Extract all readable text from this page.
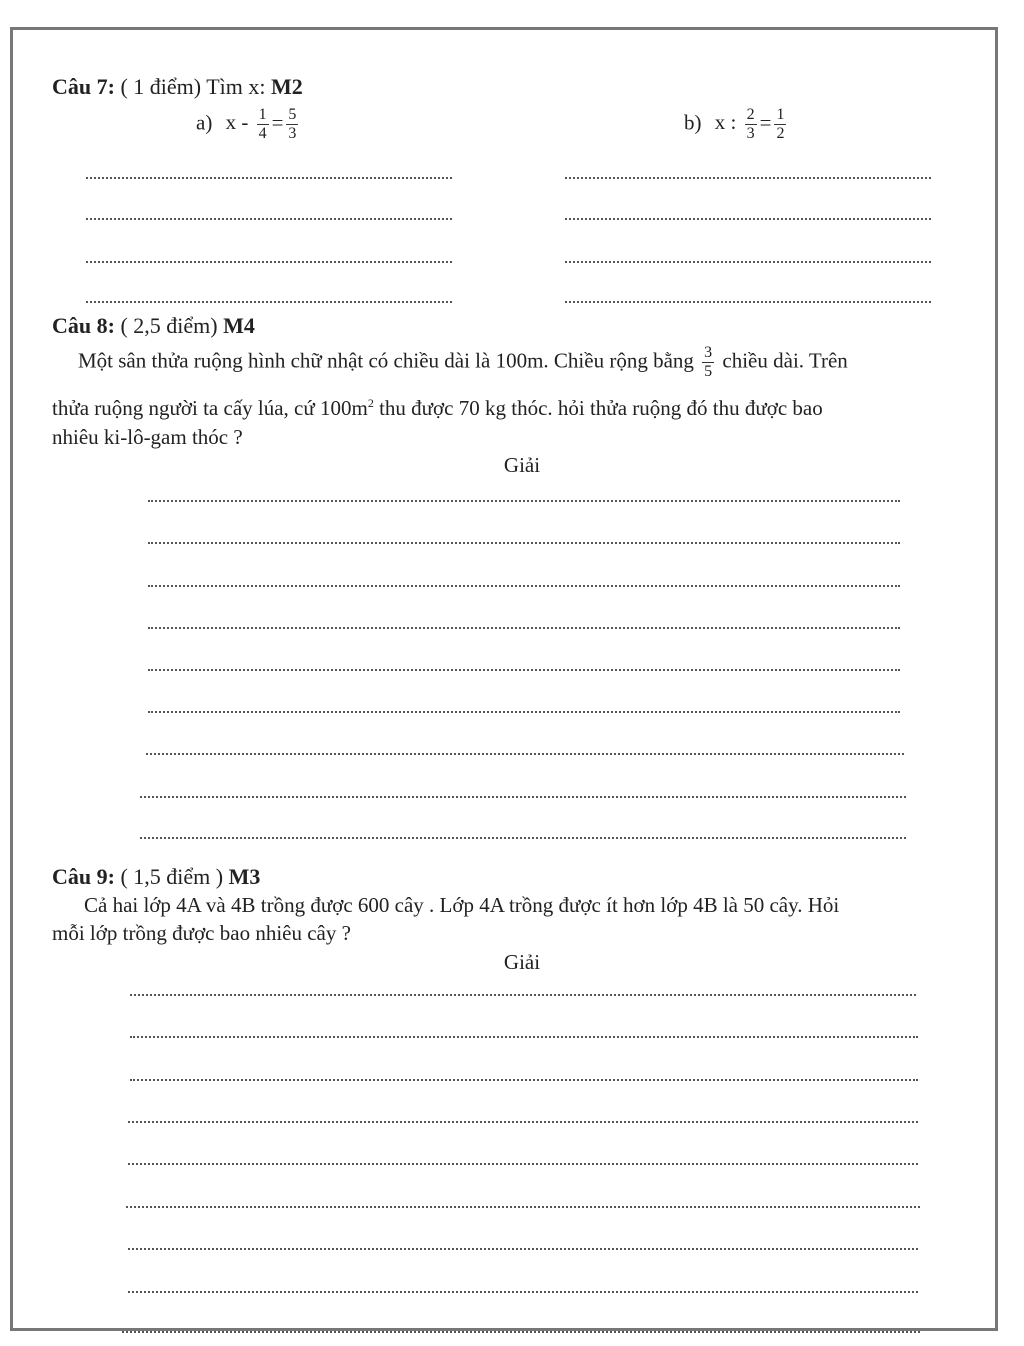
Câu 7: ( 1 điểm) Tìm x: M2
a) $x - \frac{1}{4} = \frac{5}{3}$	b) x : $\frac{2}{3} = \frac{1}{2}$
Câu 8: ( 2,5 điểm) M4
Một sân thửa ruộng hình chữ nhật có chiều dài là 100m. Chiều rộng bằng $\frac{3}{5}$ chiều dài. Trên
thửa ruộng người ta cấy lúa, cứ $100m^2$ thu được 70 kg thóc. hỏi thửa ruộng đó thu được bao
nhiêu ki-lô-gam thóc ?
Giải
Câu 9: ( 1,5 điểm ) M3
Cả hai lớp 4A và 4B trồng được 600 cây . Lớp 4A trồng được ít hơn lớp 4B là 50 cây. Hỏi
mỗi lớp trồng được bao nhiêu cây ?
Giải
